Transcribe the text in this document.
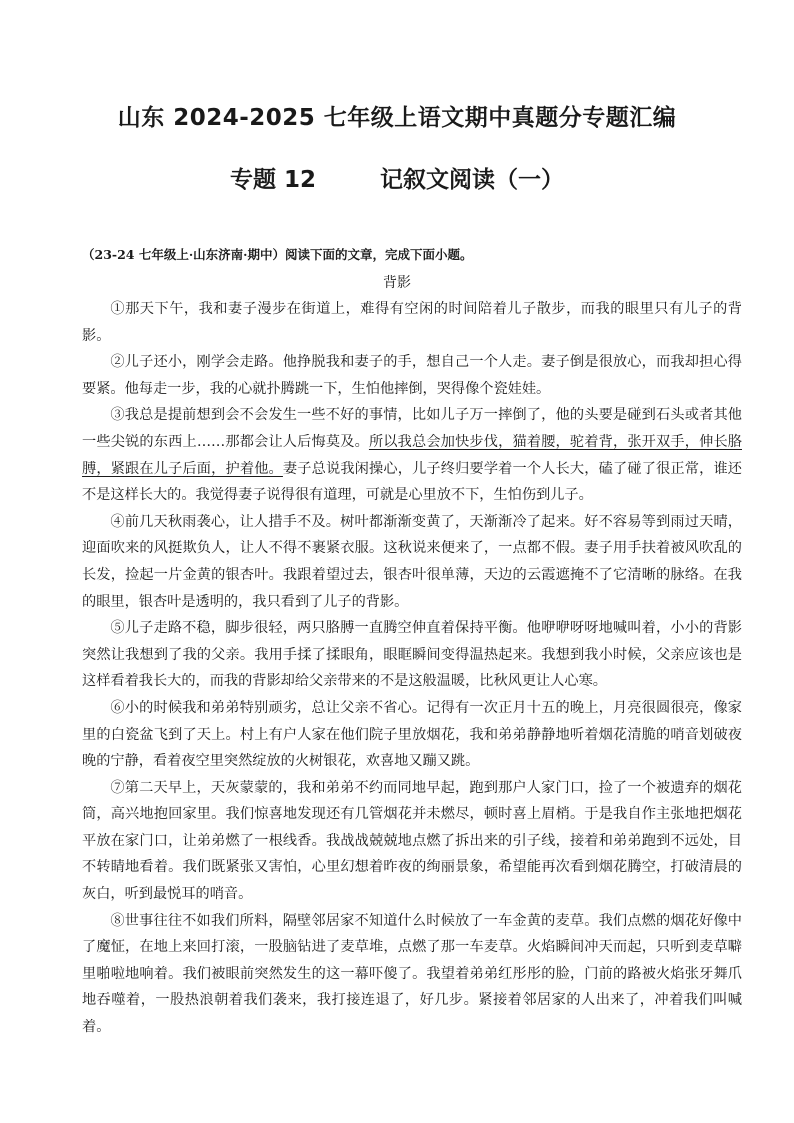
山东 2024-2025 七年级上语文期中真题分专题汇编
专题 12        记叙文阅读（一）
（23-24 七年级上·山东济南·期中）阅读下面的文章，完成下面小题。
背影

①那天下午，我和妻子漫步在街道上，难得有空闲的时间陪着儿子散步，而我的眼里只有儿子的背影。

②儿子还小，刚学会走路。他挣脱我和妻子的手，想自己一个人走。妻子倒是很放心，而我却担心得要紧。他每走一步，我的心就扑腾跳一下，生怕他摔倒，哭得像个瓷娃娃。

③我总是提前想到会不会发生一些不好的事情，比如儿子万一摔倒了，他的头要是碰到石头或者其他一些尖锐的东西上……那都会让人后悔莫及。所以我总会加快步伐，猫着腰，驼着背，张开双手，伸长胳膊，紧跟在儿子后面，护着他。妻子总说我闲操心，儿子终归要学着一个人长大，磕了碰了很正常，谁还不是这样长大的。我觉得妻子说得很有道理，可就是心里放不下，生怕伤到儿子。

④前几天秋雨袭心，让人措手不及。树叶都渐渐变黄了，天渐渐冷了起来。好不容易等到雨过天晴，迎面吹来的风挺欺负人，让人不得不裹紧衣服。这秋说来便来了，一点都不假。妻子用手扶着被风吹乱的长发，捡起一片金黄的银杏叶。我跟着望过去，银杏叶很单薄，天边的云霞遮掩不了它清晰的脉络。在我的眼里，银杏叶是透明的，我只看到了儿子的背影。

⑤儿子走路不稳，脚步很轻，两只胳膊一直腾空伸直着保持平衡。他咿咿呀呀地喊叫着，小小的背影突然让我想到了我的父亲。我用手揉了揉眼角，眼眶瞬间变得温热起来。我想到我小时候，父亲应该也是这样看着我长大的，而我的背影却给父亲带来的不是这般温暖，比秋风更让人心寒。

⑥小的时候我和弟弟特别顽劣，总让父亲不省心。记得有一次正月十五的晚上，月亮很圆很亮，像家里的白瓷盆飞到了天上。村上有户人家在他们院子里放烟花，我和弟弟静静地听着烟花清脆的哨音划破夜晚的宁静，看着夜空里突然绽放的火树银花，欢喜地又蹦又跳。

⑦第二天早上，天灰蒙蒙的，我和弟弟不约而同地早起，跑到那户人家门口，捡了一个被遗弃的烟花筒，高兴地抱回家里。我们惊喜地发现还有几管烟花并未燃尽，顿时喜上眉梢。于是我自作主张地把烟花平放在家门口，让弟弟燃了一根线香。我战战兢兢地点燃了拆出来的引子线，接着和弟弟跑到不远处，目不转睛地看着。我们既紧张又害怕，心里幻想着昨夜的绚丽景象，希望能再次看到烟花腾空，打破清晨的灰白，听到最悦耳的哨音。

⑧世事往往不如我们所料，隔壁邻居家不知道什么时候放了一车金黄的麦草。我们点燃的烟花好像中了魔怔，在地上来回打滚，一股脑钻进了麦草堆，点燃了那一车麦草。火焰瞬间冲天而起，只听到麦草噼里啪啦地响着。我们被眼前突然发生的这一幕吓傻了。我望着弟弟红彤彤的脸，门前的路被火焰张牙舞爪地吞噬着，一股热浪朝着我们袭来，我打接连退了，好几步。紧接着邻居家的人出来了，冲着我们叫喊着。
